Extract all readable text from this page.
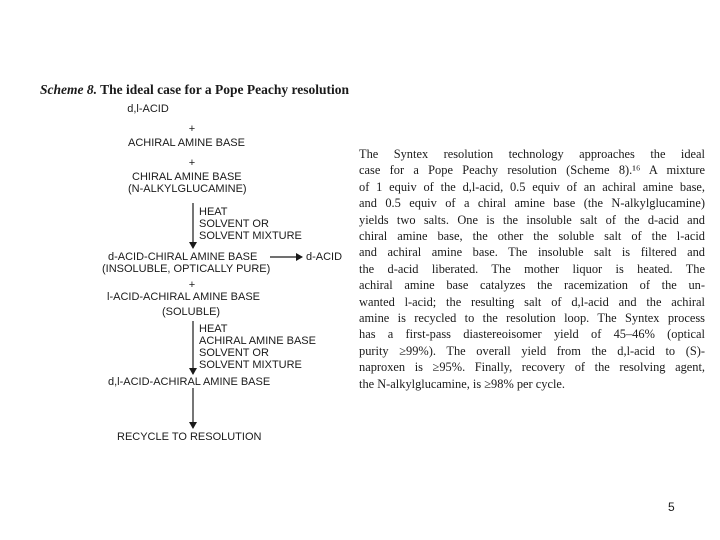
Scheme 8. The ideal case for a Pope Peachy resolution
d,l-ACID
+
ACHIRAL AMINE BASE
+
CHIRAL AMINE BASE
(N-ALKYLGLUCAMINE)
HEAT
SOLVENT OR
SOLVENT MIXTURE
d-ACID-CHIRAL AMINE BASE	d-ACID
(INSOLUBLE, OPTICALLY PURE)
+
l-ACID-ACHIRAL AMINE BASE
(SOLUBLE)
HEAT
ACHIRAL AMINE BASE
SOLVENT OR
SOLVENT MIXTURE
d,l-ACID-ACHIRAL AMINE BASE
RECYCLE TO RESOLUTION
The Syntex resolution technology approaches the ideal
case for a Pope Peachy resolution (Scheme 8).¹⁶ A mixture
of 1 equiv of the d,l-acid, 0.5 equiv of an achiral amine base,
and 0.5 equiv of a chiral amine base (the N-alkylglucamine)
yields two salts. One is the insoluble salt of the d-acid and
chiral amine base, the other the soluble salt of the l-acid
and achiral amine base. The insoluble salt is filtered and
the d-acid liberated. The mother liquor is heated. The
achiral amine base catalyzes the racemization of the un-
wanted l-acid; the resulting salt of d,l-acid and the achiral
amine is recycled to the resolution loop. The Syntex process
has a first-pass diastereoisomer yield of 45–46% (optical
purity ≥99%). The overall yield from the d,l-acid to (S)-
naproxen is ≥95%. Finally, recovery of the resolving agent,
the N-alkylglucamine, is ≥98% per cycle.
5
